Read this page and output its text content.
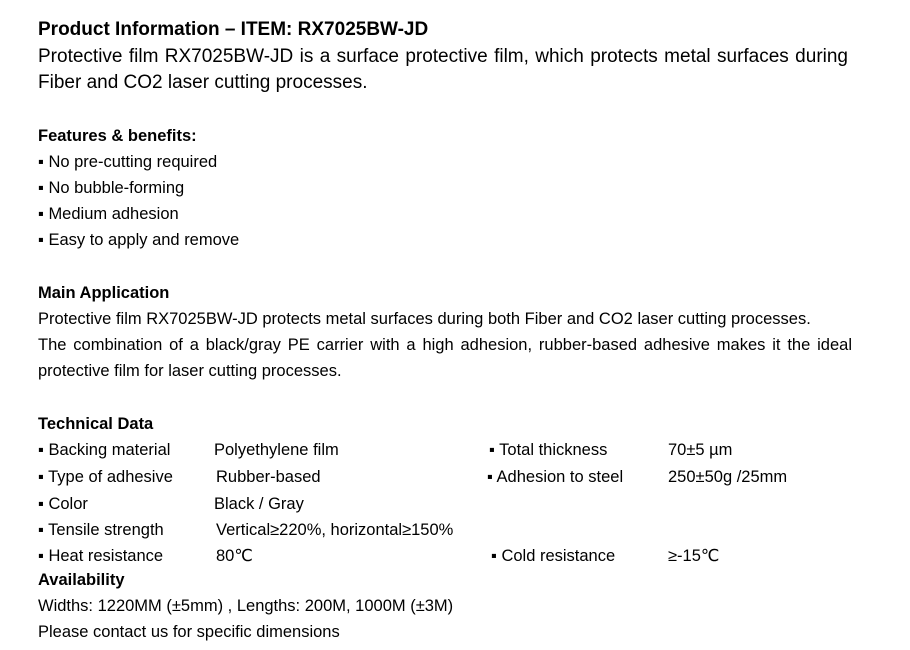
Product Information – ITEM: RX7025BW-JD

Protective film RX7025BW-JD is a surface protective film, which protects metal surfaces during Fiber and CO2 laser cutting processes.

Features & benefits:
▪ No pre-cutting required
▪ No bubble-forming
▪ Medium adhesion
▪ Easy to apply and remove
Main Application

Protective film RX7025BW-JD protects metal surfaces during both Fiber and CO2 laser cutting processes.

The combination of a black/gray PE carrier with a high adhesion, rubber-based adhesive makes it the ideal protective film for laser cutting processes.

Technical Data
▪ Backing material	Polyethylene film	▪ Total thickness	70±5 µm
▪ Type of adhesive	Rubber-based	▪ Adhesion to steel	250±50g /25mm
▪ Color	Black / Gray
▪ Tensile strength	Vertical≥220%, horizontal≥150%
▪ Heat resistance	80℃	▪ Cold resistance	≥-15℃
Availability

Widths: 1220MM (±5mm) , Lengths: 200M, 1000M (±3M)

Please contact us for specific dimensions
